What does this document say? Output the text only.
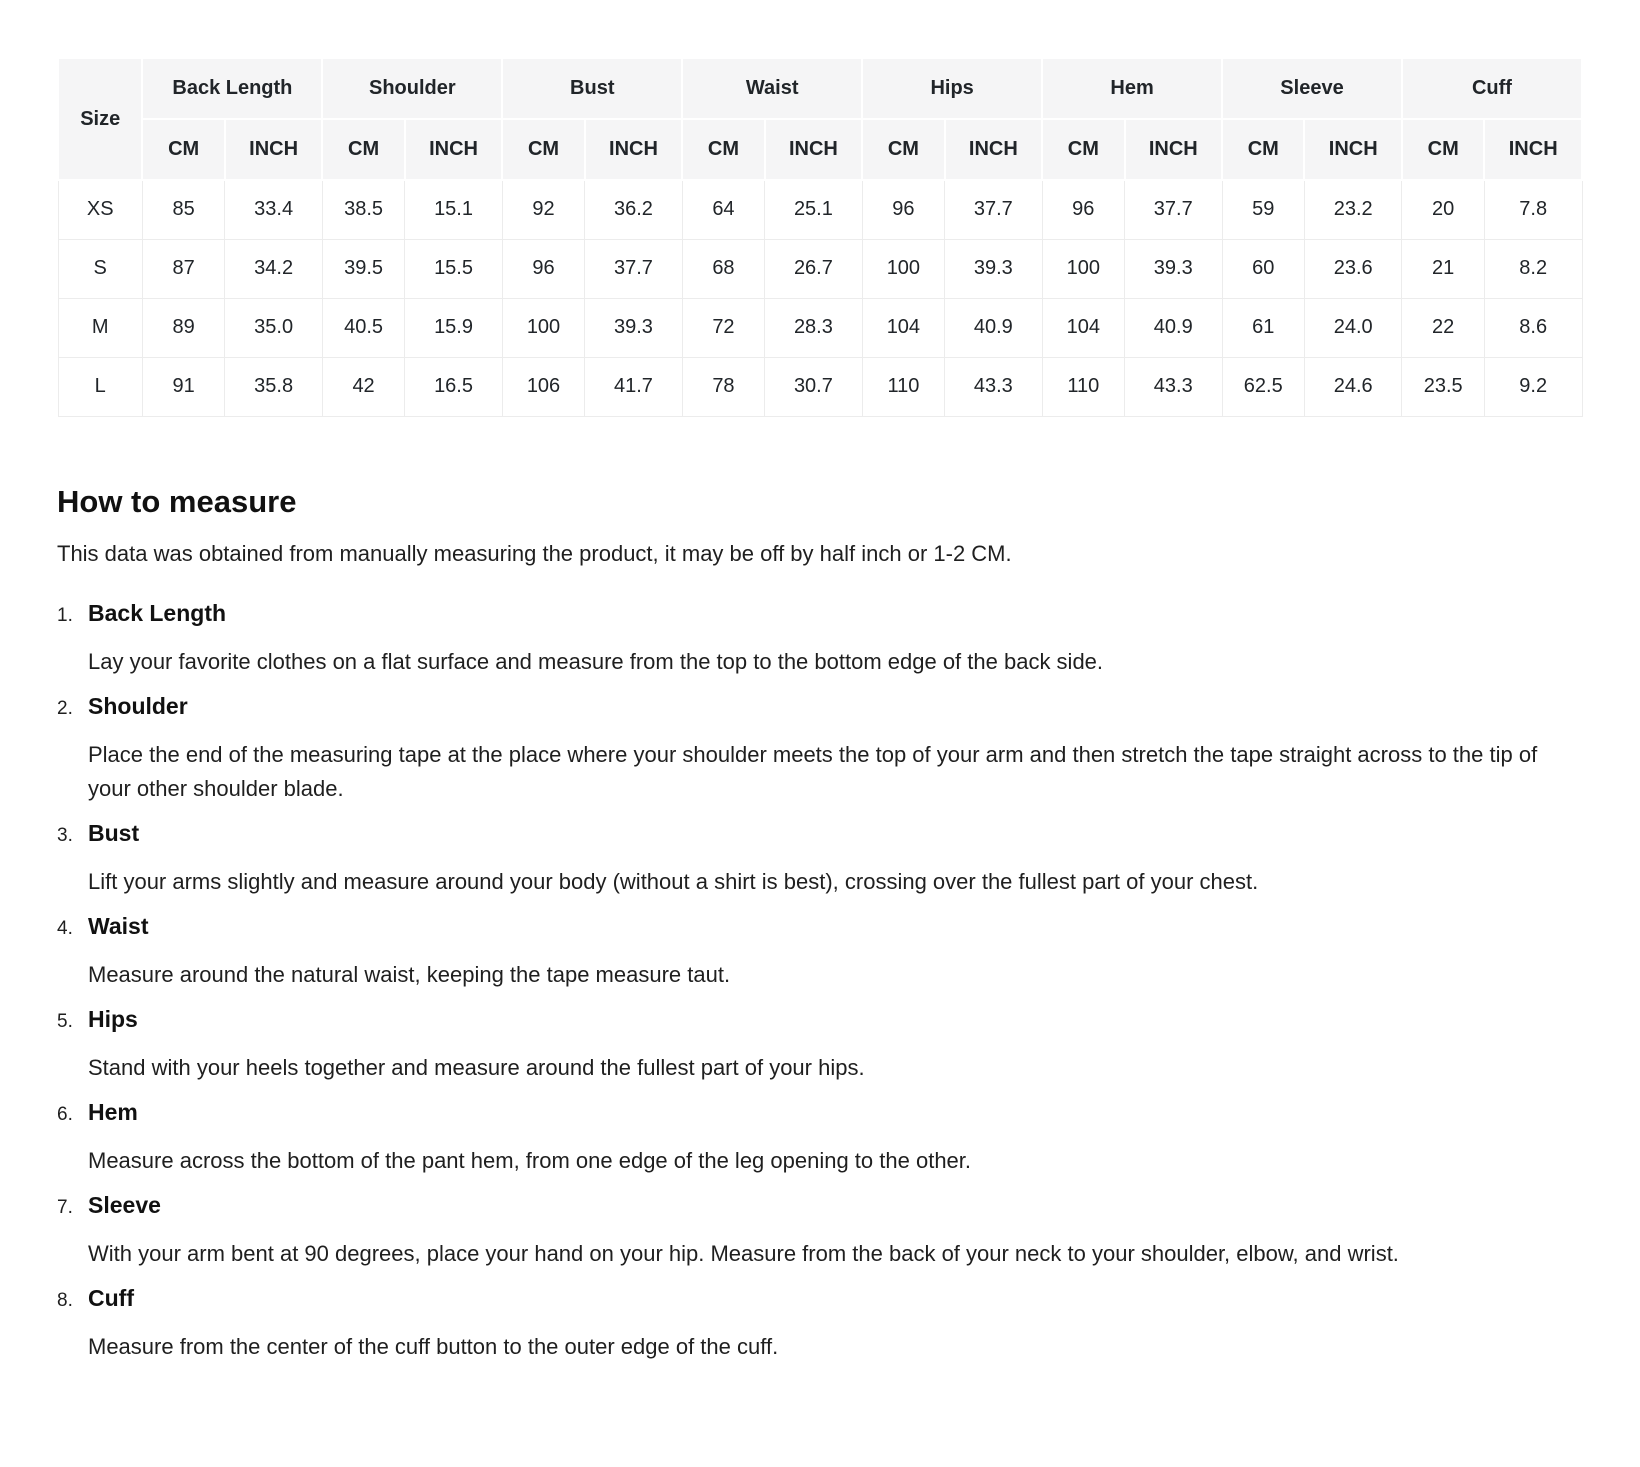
Size	Back Length		Shoulder		Bust		Waist		Hips		Hem		Sleeve		Cuff	
	CM	INCH	CM	INCH	CM	INCH	CM	INCH	CM	INCH	CM	INCH	CM	INCH	CM	INCH
XS	85	33.4	38.5	15.1	92	36.2	64	25.1	96	37.7	96	37.7	59	23.2	20	7.8
S	87	34.2	39.5	15.5	96	37.7	68	26.7	100	39.3	100	39.3	60	23.6	21	8.2
M	89	35.0	40.5	15.9	100	39.3	72	28.3	104	40.9	104	40.9	61	24.0	22	8.6
L	91	35.8	42	16.5	106	41.7	78	30.7	110	43.3	110	43.3	62.5	24.6	23.5	9.2
How to measure

This data was obtained from manually measuring the product, it may be off by half inch or 1-2 CM.

1. Back Length

Lay your favorite clothes on a flat surface and measure from the top to the bottom edge of the back side.

2. Shoulder

Place the end of the measuring tape at the place where your shoulder meets the top of your arm and then stretch the tape straight across to the tip of your other shoulder blade.

3. Bust

Lift your arms slightly and measure around your body (without a shirt is best), crossing over the fullest part of your chest.

4. Waist

Measure around the natural waist, keeping the tape measure taut.

5. Hips

Stand with your heels together and measure around the fullest part of your hips.

6. Hem

Measure across the bottom of the pant hem, from one edge of the leg opening to the other.

7. Sleeve

With your arm bent at 90 degrees, place your hand on your hip. Measure from the back of your neck to your shoulder, elbow, and wrist.

8. Cuff

Measure from the center of the cuff button to the outer edge of the cuff.
